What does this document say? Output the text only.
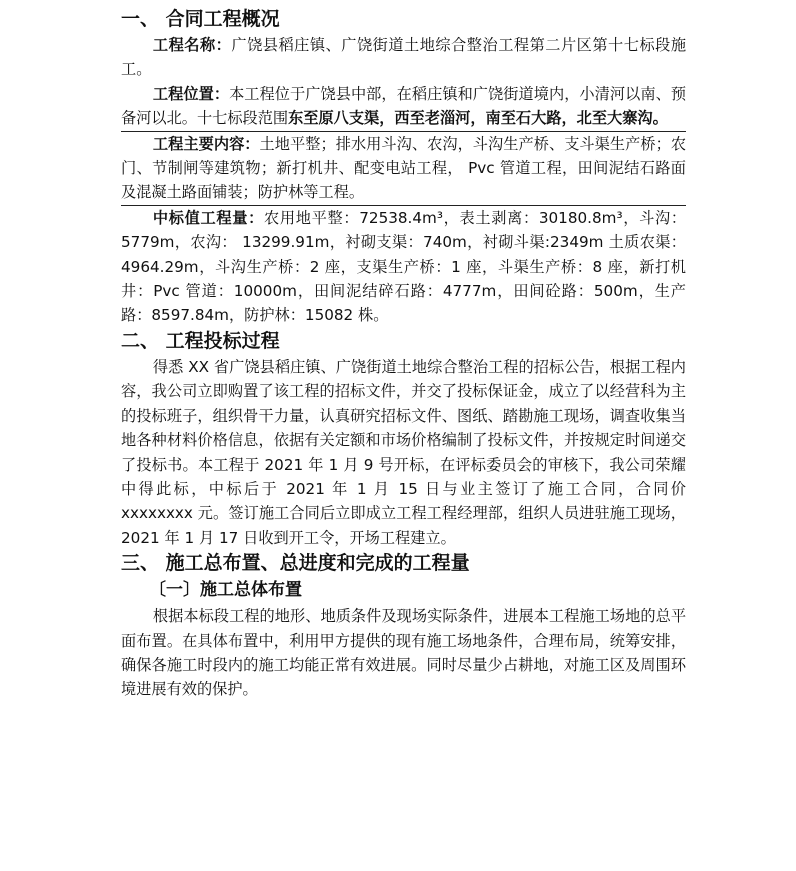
一、 合同工程概况

工程名称：广饶县稻庄镇、广饶街道土地综合整治工程第二片区第十七标段施工。

工程位置：本工程位于广饶县中部，在稻庄镇和广饶街道境内，小清河以南、预备河以北。十七标段范围东至原八支渠，西至老淄河，南至石大路，北至大寨沟。

工程主要内容：土地平整；排水用斗沟、农沟，斗沟生产桥、支斗渠生产桥；农门、节制闸等建筑物；新打机井、配变电站工程， Pvc 管道工程，田间泥结石路面及混凝土路面铺装；防护林等工程。

中标值工程量：农用地平整：72538.4m³，表土剥离：30180.8m³，斗沟： 5779m，农沟： 13299.91m，衬砌支渠：740m，衬砌斗渠:2349m 土质农渠：4964.29m，斗沟生产桥：2 座，支渠生产桥：1 座，斗渠生产桥：8 座，新打机井：Pvc 管道：10000m，田间泥结碎石路：4777m，田间砼路：500m，生产路：8597.84m，防护林：15082 株。

二、 工程投标过程

得悉 XX 省广饶县稻庄镇、广饶街道土地综合整治工程的招标公告，根据工程内容，我公司立即购置了该工程的招标文件，并交了投标保证金，成立了以经营科为主的投标班子，组织骨干力量，认真研究招标文件、图纸、踏勘施工现场，调查收集当地各种材料价格信息，依据有关定额和市场价格编制了投标文件，并按规定时间递交了投标书。本工程于 2021 年 1 月 9 号开标，在评标委员会的审核下，我公司荣耀中得此标，中标后于 2021 年 1 月 15 日与业主签订了施工合同，合同价 xxxxxxxx 元。签订施工合同后立即成立工程工程经理部，组织人员进驻施工现场，2021 年 1 月 17 日收到开工令，开场工程建立。

三、 施工总布置、总进度和完成的工程量
〔一〕施工总体布置

根据本标段工程的地形、地质条件及现场实际条件，进展本工程施工场地的总平面布置。在具体布置中，利用甲方提供的现有施工场地条件，合理布局，统筹安排，确保各施工时段内的施工均能正常有效进展。同时尽量少占耕地，对施工区及周围环境进展有效的保护。
